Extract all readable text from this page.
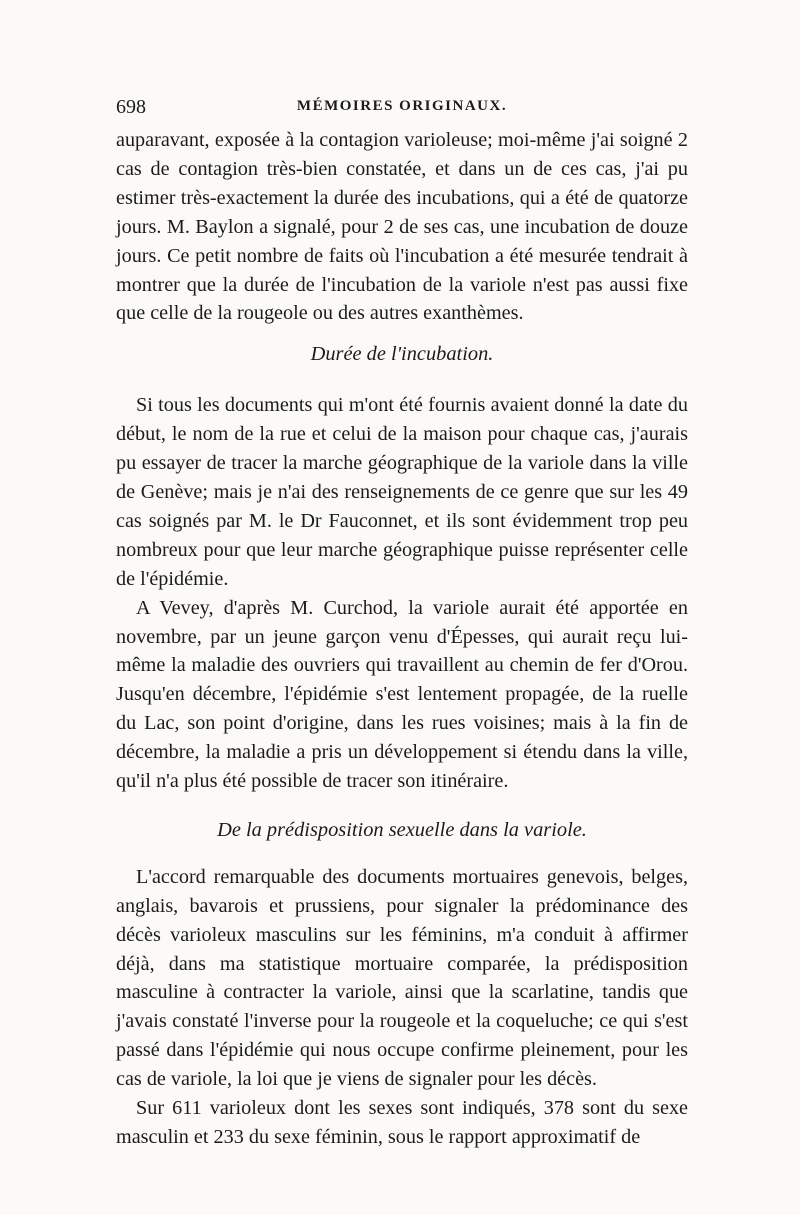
698	MÉMOIRES ORIGINAUX.

auparavant, exposée à la contagion varioleuse; moi-même j'ai soigné 2 cas de contagion très-bien constatée, et dans un de ces cas, j'ai pu estimer très-exactement la durée des incubations, qui a été de quatorze jours. M. Baylon a signalé, pour 2 de ses cas, une incubation de douze jours. Ce petit nombre de faits où l'incubation a été mesurée tendrait à montrer que la durée de l'incubation de la variole n'est pas aussi fixe que celle de la rougeole ou des autres exanthèmes.

Durée de l'incubation.

Si tous les documents qui m'ont été fournis avaient donné la date du début, le nom de la rue et celui de la maison pour chaque cas, j'aurais pu essayer de tracer la marche géographique de la variole dans la ville de Genève; mais je n'ai des renseignements de ce genre que sur les 49 cas soignés par M. le Dr Fauconnet, et ils sont évidemment trop peu nombreux pour que leur marche géographique puisse représenter celle de l'épidémie.

A Vevey, d'après M. Curchod, la variole aurait été apportée en novembre, par un jeune garçon venu d'Épesses, qui aurait reçu lui-même la maladie des ouvriers qui travaillent au chemin de fer d'Orou. Jusqu'en décembre, l'épidémie s'est lentement propagée, de la ruelle du Lac, son point d'origine, dans les rues voisines; mais à la fin de décembre, la maladie a pris un développement si étendu dans la ville, qu'il n'a plus été possible de tracer son itinéraire.

De la prédisposition sexuelle dans la variole.

L'accord remarquable des documents mortuaires genevois, belges, anglais, bavarois et prussiens, pour signaler la prédominance des décès varioleux masculins sur les féminins, m'a conduit à affirmer déjà, dans ma statistique mortuaire comparée, la prédisposition masculine à contracter la variole, ainsi que la scarlatine, tandis que j'avais constaté l'inverse pour la rougeole et la coqueluche; ce qui s'est passé dans l'épidémie qui nous occupe confirme pleinement, pour les cas de variole, la loi que je viens de signaler pour les décès.

Sur 611 varioleux dont les sexes sont indiqués, 378 sont du sexe masculin et 233 du sexe féminin, sous le rapport approximatif de
